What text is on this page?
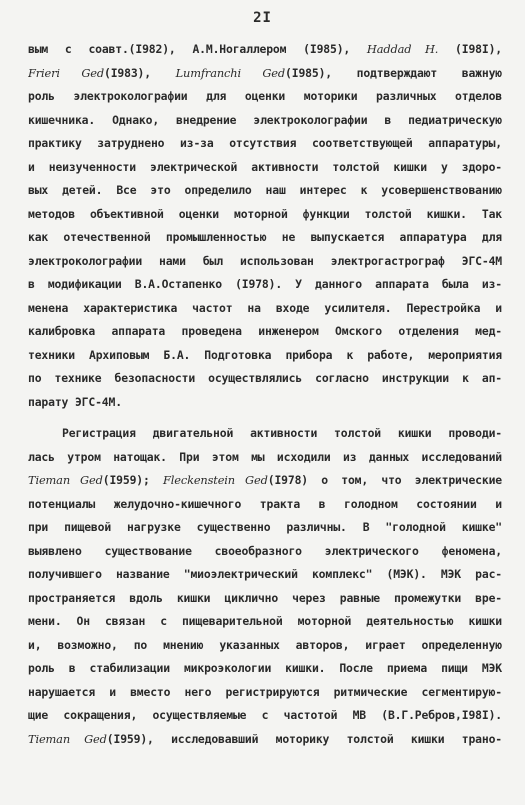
2I
вым с соавт.(I982), А.М.Ногаллером (I985), Haddad H. (I98I),
Frieri Ged(I983), Lumfranchi Ged(I985), подтверждают важную
роль электроколографии для оценки моторики различных отделов
кишечника. Однако, внедрение электроколографии в педиатрическую
практику затруднено из-за отсутствия соответствующей аппаратуры,
и неизученности электрической активности толстой кишки у здоро-
вых детей. Все это определило наш интерес к усовершенствованию
методов объективной оценки моторной функции толстой кишки. Так
как отечественной промышленностью не выпускается аппаратура для
электроколографии нами был использован электрогастрограф ЭГС-4М
в модификации В.А.Остапенко (I978). У данного аппарата была из-
менена характеристика частот на входе усилителя. Перестройка и
калибровка аппарата проведена инженером Омского отделения мед-
техники Архиповым Б.А. Подготовка прибора к работе, мероприятия
по технике безопасности осуществлялись согласно инструкции к ап-
парату ЭГС-4М.
Регистрация двигательной активности толстой кишки проводи-
лась утром натощак. При этом мы исходили из данных исследований
Tieman Ged(I959); Fleckenstein Ged(I978) о том, что электрические
потенциалы желудочно-кишечного тракта в голодном состоянии и
при пищевой нагрузке существенно различны. В "голодной кишке"
выявлено существование своеобразного электрического феномена,
получившего название "миоэлектрический комплекс" (МЭК). МЭК рас-
пространяется вдоль кишки циклично через равные промежутки вре-
мени. Он связан с пищеварительной моторной деятельностью кишки
и, возможно, по мнению указанных авторов, играет определенную
роль в стабилизации микроэкологии кишки. После приема пищи МЭК
нарушается и вместо него регистрируются ритмические сегментирую-
щие сокращения, осуществляемые с частотой МВ (В.Г.Ребров,I98I).
Tieman Ged(I959), исследовавший моторику толстой кишки трано-
